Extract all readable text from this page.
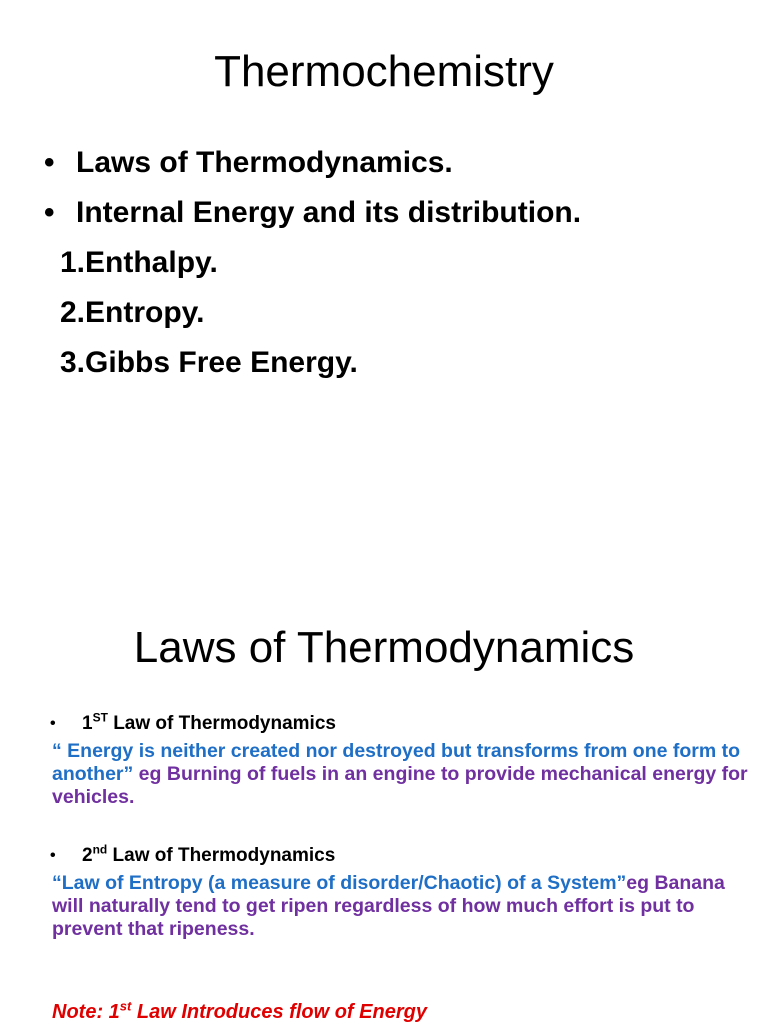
Thermochemistry
• Laws of Thermodynamics.
• Internal Energy and its distribution.
1.Enthalpy.
2.Entropy.
3.Gibbs Free Energy.
Laws of Thermodynamics
• 1ST Law of Thermodynamics
“ Energy is neither created nor destroyed but transforms from one form to another” eg Burning of fuels in an engine to provide mechanical energy for vehicles.
• 2nd Law of Thermodynamics
“Law of Entropy (a measure of disorder/Chaotic) of a System”eg Banana will naturally tend to get ripen regardless of how much effort is put to prevent that ripeness.
Note: 1st Law Introduces flow of Energy
